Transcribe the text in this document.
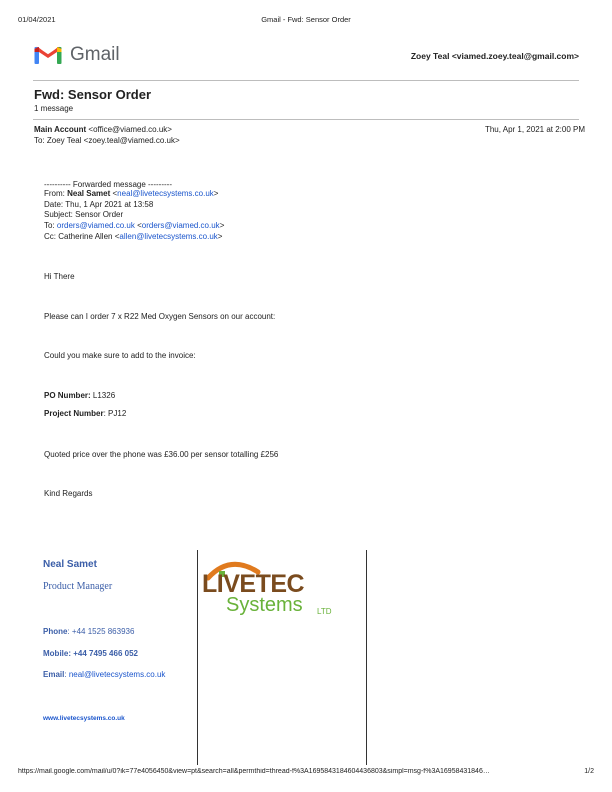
01/04/2021	Gmail - Fwd: Sensor Order
Gmail	Zoey Teal <viamed.zoey.teal@gmail.com>
Fwd: Sensor Order
1 message
Main Account <office@viamed.co.uk>	Thu, Apr 1, 2021 at 2:00 PM
To: Zoey Teal <zoey.teal@viamed.co.uk>
---------- Forwarded message ---------
From: Neal Samet <neal@livetecsystems.co.uk>
Date: Thu, 1 Apr 2021 at 13:58
Subject: Sensor Order
To: orders@viamed.co.uk <orders@viamed.co.uk>
Cc: Catherine Allen <allen@livetecsystems.co.uk>
Hi There
Please can I order 7 x R22 Med Oxygen Sensors on our account:
Could you make sure to add to the invoice:
PO Number: L1326
Project Number: PJ12
Quoted price over the phone was £36.00 per sensor totalling £256
Kind Regards
Neal Samet
Product Manager
Phone: +44 1525 863936
Mobile: +44 7495 466 052
Email: neal@livetecsystems.co.uk
www.livetecsystems.co.uk
LIVETEC
Systems LTD
https://mail.google.com/mail/u/0?ik=77e4056450&view=pt&search=all&permthid=thread-f%3A1695843184604436803&simpl=msg-f%3A16958431846…	1/2
